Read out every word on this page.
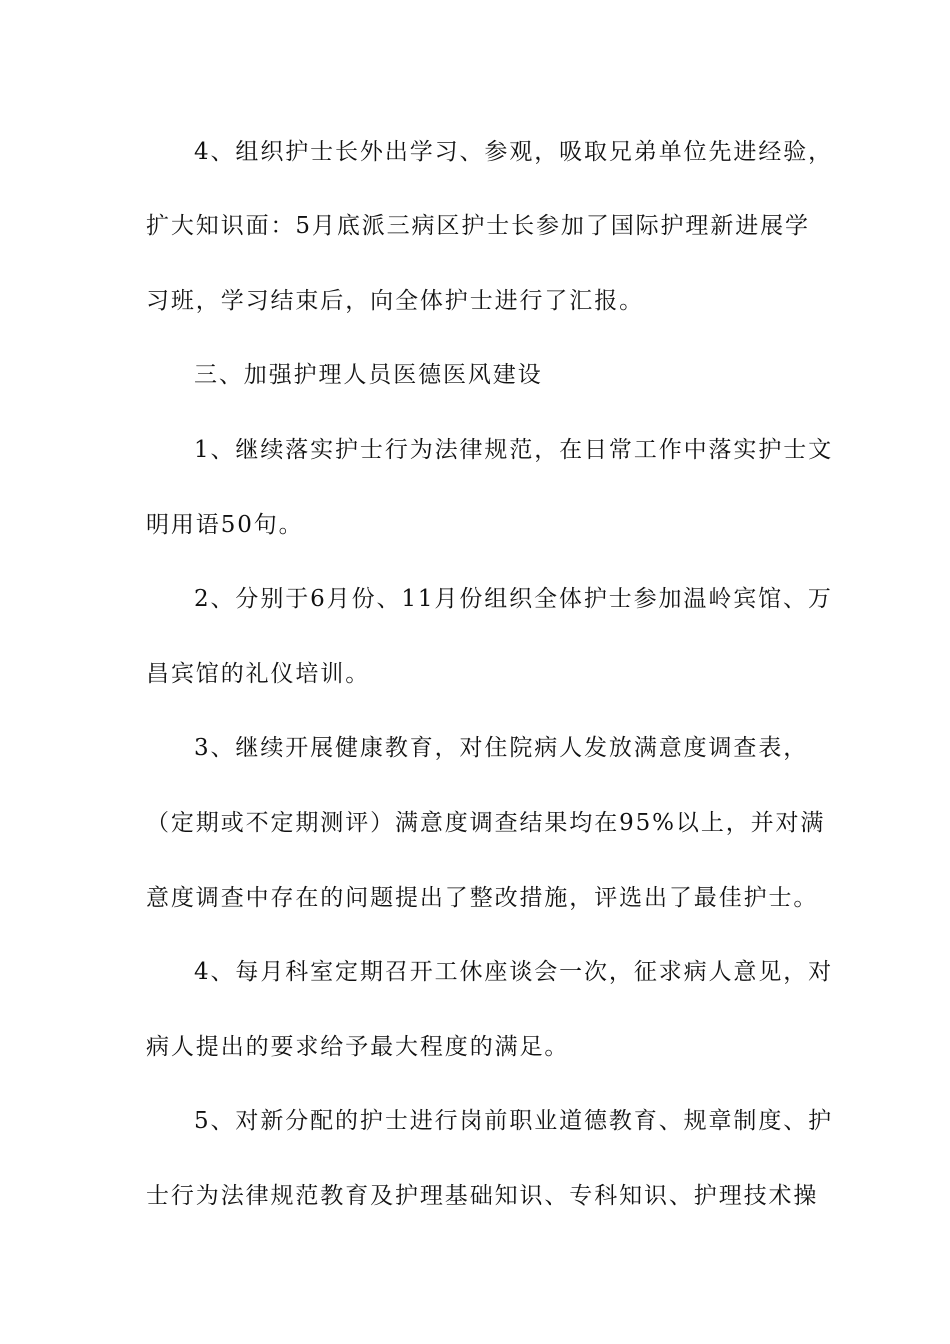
4、组织护士长外出学习、参观，吸取兄弟单位先进经验，
扩大知识面：5月底派三病区护士长参加了国际护理新进展学
习班，学习结束后，向全体护士进行了汇报。
三、加强护理人员医德医风建设
1、继续落实护士行为法律规范，在日常工作中落实护士文
明用语50句。
2、分别于6月份、11月份组织全体护士参加温岭宾馆、万
昌宾馆的礼仪培训。
3、继续开展健康教育，对住院病人发放满意度调查表，
（定期或不定期测评）满意度调查结果均在95%以上，并对满
意度调查中存在的问题提出了整改措施，评选出了最佳护士。
4、每月科室定期召开工休座谈会一次，征求病人意见，对
病人提出的要求给予最大程度的满足。
5、对新分配的护士进行岗前职业道德教育、规章制度、护
士行为法律规范教育及护理基础知识、专科知识、护理技术操
